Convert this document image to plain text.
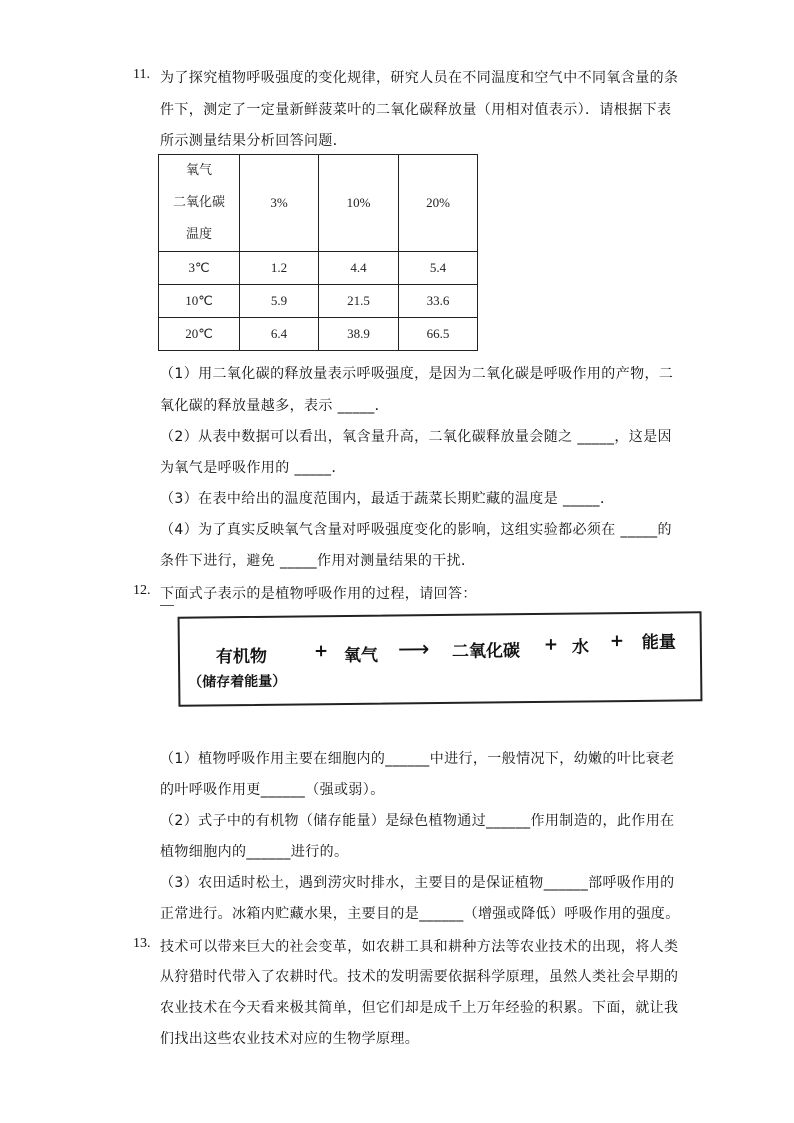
11. 为了探究植物呼吸强度的变化规律，研究人员在不同温度和空气中不同氧含量的条
件下，测定了一定量新鲜菠菜叶的二氧化碳释放量（用相对值表示）．请根据下表
所示测量结果分析回答问题．
氧气
二氧化碳
温度	3%	10%	20%
3℃	1.2	4.4	5.4
10℃	5.9	21.5	33.6
20℃	6.4	38.9	66.5
（1）用二氧化碳的释放量表示呼吸强度，是因为二氧化碳是呼吸作用的产物，二
氧化碳的释放量越多，表示 _____．
（2）从表中数据可以看出，氧含量升高，二氧化碳释放量会随之 _____，这是因
为氧气是呼吸作用的 _____．
（3）在表中给出的温度范围内，最适于蔬菜长期贮藏的温度是 _____．
（4）为了真实反映氧气含量对呼吸强度变化的影响，这组实验都必须在 _____的
条件下进行，避免 _____作用对测量结果的干扰．
12. 下面式子表示的是植物呼吸作用的过程，请回答：
有机物	+ 氧气 ⟶ 二氧化碳 + 水 + 能量
（储存着能量）
（1）植物呼吸作用主要在细胞内的______中进行，一般情况下，幼嫩的叶比衰老
的叶呼吸作用更______（强或弱）。
（2）式子中的有机物（储存能量）是绿色植物通过______作用制造的，此作用在
植物细胞内的______进行的。
（3）农田适时松土，遇到涝灾时排水，主要目的是保证植物______部呼吸作用的
正常进行。冰箱内贮藏水果，主要目的是______（增强或降低）呼吸作用的强度。
13. 技术可以带来巨大的社会变革，如农耕工具和耕种方法等农业技术的出现，将人类
从狩猎时代带入了农耕时代。技术的发明需要依据科学原理，虽然人类社会早期的
农业技术在今天看来极其简单，但它们却是成千上万年经验的积累。下面，就让我
们找出这些农业技术对应的生物学原理。
